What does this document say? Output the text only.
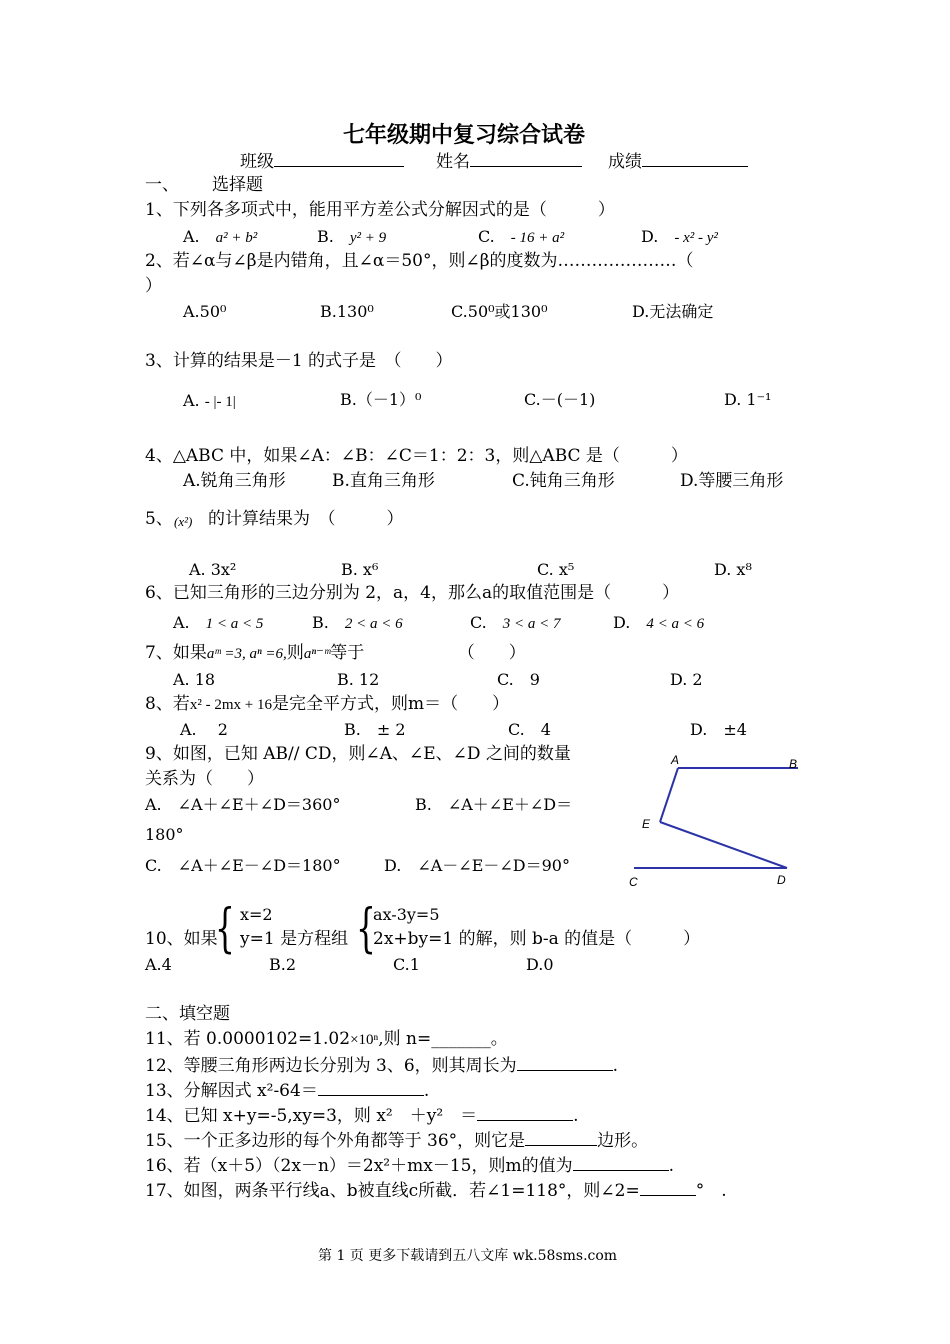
七年级期中复习综合试卷
班级	姓名	成绩
一、 选择题
1、下列各多项式中，能用平方差公式分解因式的是（　　　）
A.　 a² + b²	B.　 y² + 9	C.　 - 16 + a²	D.　 - x² - y²
2、若∠α与∠β是内错角，且∠α＝50°，则∠β的度数为…………………（
）
A.50⁰	B.130⁰	C.50⁰或130⁰	D.无法确定
3、计算的结果是－1 的式子是　（　　）
A. - |- 1|	B.（－1）⁰	C.－(－1)	D. 1⁻¹
4、△ABC 中，如果∠A：∠B：∠C＝1：2：3，则△ABC 是（　　　）
A.锐角三角形	B.直角三角形	C.钝角三角形	D.等腰三角形
5、 (x²) 的计算结果为　（　　　）
A. 3x²	B. x⁶	C. x⁵	D. x⁸
6、已知三角形的三边分别为 2，a，4，那么a的取值范围是（　　　）
A.　 1 < a < 5	B.　 2 < a < 6	C.　 3 < a < 7	D.　 4 < a < 6
7、如果aᵐ =3, aⁿ =6,则aⁿ⁻ᵐ等于　　　　　　（　　）
A. 18	B. 12	C.　9	D. 2
8、若x² - 2mx + 16是完全平方式，则m＝（　　）
A.　 2	B.　± 2	C.　4	D.　±4
9、如图，已知 AB// CD，则∠A、∠E、∠D 之间的数量
关系为（　　）
A.　∠A＋∠E＋∠D＝360°	B.　∠A＋∠E＋∠D＝
180°
C.　∠A＋∠E－∠D＝180°	D.　∠A－∠E－∠D＝90°
A	B
E
C	D
{ {
x=2	ax-3y=5
10、如果 y=1 是方程组 2x+by=1 的解，则 b-a 的值是（　　　）
A.4	B.2	C.1	D.0
二、填空题
11、若 0.0000102=1.02×10ⁿ,则 n=_______。
12、等腰三角形两边长分别为 3、6，则其周长为	.
13、分解因式 x²-64＝	.
14、已知 x+y=-5,xy=3，则 x²　＋y²　＝	.
15、一个正多边形的每个外角都等于 36°，则它是	边形。
16、若（x＋5）（2x－n）＝2x²＋mx－15，则m的值为	.
17、如图，两条平行线a、b被直线c所截．若∠1=118°，则∠2=	°　.
第 1 页 更多下载请到五八文库 wk.58sms.com
